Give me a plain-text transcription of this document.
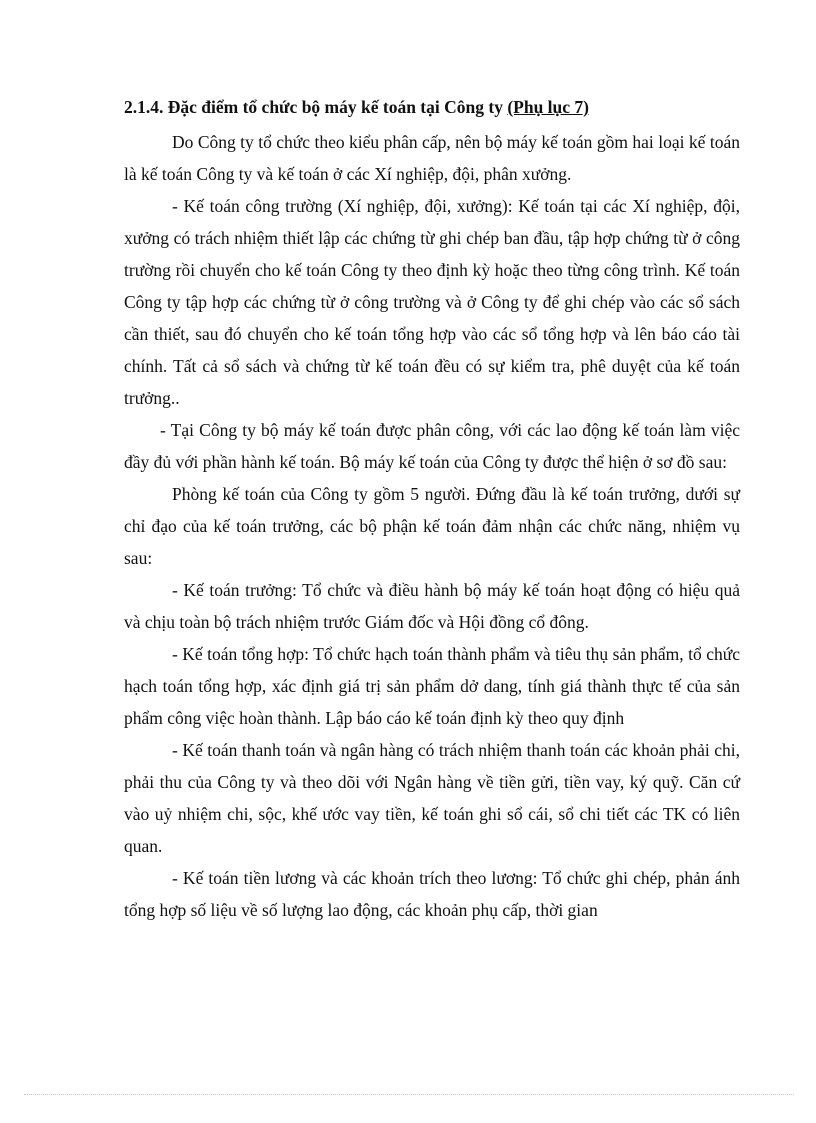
2.1.4. Đặc điểm tổ chức bộ máy kế toán tại Công ty (Phụ lục 7)

Do Công ty tổ chức theo kiểu phân cấp, nên bộ máy kế toán gồm hai loại kế toán là kế toán Công ty và kế toán ở các Xí nghiệp, đội, phân xưởng.

- Kế toán công trường (Xí nghiệp, đội, xưởng): Kế toán tại các Xí nghiệp, đội, xưởng có trách nhiệm thiết lập các chứng từ ghi chép ban đầu, tập hợp chứng từ ở công trường rồi chuyển cho kế toán Công ty theo định kỳ hoặc theo từng công trình. Kế toán Công ty tập hợp các chứng từ ở công trường và ở Công ty để ghi chép vào các sổ sách cần thiết, sau đó chuyển cho kế toán tổng hợp vào các sổ tổng hợp và lên báo cáo tài chính. Tất cả sổ sách và chứng từ kế toán đều có sự kiểm tra, phê duyệt của kế toán trưởng..

- Tại Công ty bộ máy kế toán được phân công, với các lao động kế toán làm việc đầy đủ với phần hành kế toán. Bộ máy kế toán của Công ty được thể hiện ở sơ đồ sau:

Phòng kế toán của Công ty gồm 5 người. Đứng đầu là kế toán trưởng, dưới sự chỉ đạo của kế toán trưởng, các bộ phận kế toán đảm nhận các chức năng, nhiệm vụ sau:

- Kế toán trưởng: Tổ chức và điều hành bộ máy kế toán hoạt động có hiệu quả và chịu toàn bộ trách nhiệm trước Giám đốc và Hội đồng cổ đông.

- Kế toán tổng hợp: Tổ chức hạch toán thành phẩm và tiêu thụ sản phẩm, tổ chức hạch toán tổng hợp, xác định giá trị sản phẩm dở dang, tính giá thành thực tế của sản phẩm công việc hoàn thành. Lập báo cáo kế toán định kỳ theo quy định

- Kế toán thanh toán và ngân hàng có trách nhiệm thanh toán các khoản phải chi, phải thu của Công ty và theo dõi với Ngân hàng về tiền gửi, tiền vay, ký quỹ. Căn cứ vào uỷ nhiệm chi, sộc, khế ước vay tiền, kế toán ghi sổ cái, sổ chi tiết các TK có liên quan.

- Kế toán tiền lương và các khoản trích theo lương: Tổ chức ghi chép, phản ánh tổng hợp số liệu về số lượng lao động, các khoản phụ cấp, thời gian
